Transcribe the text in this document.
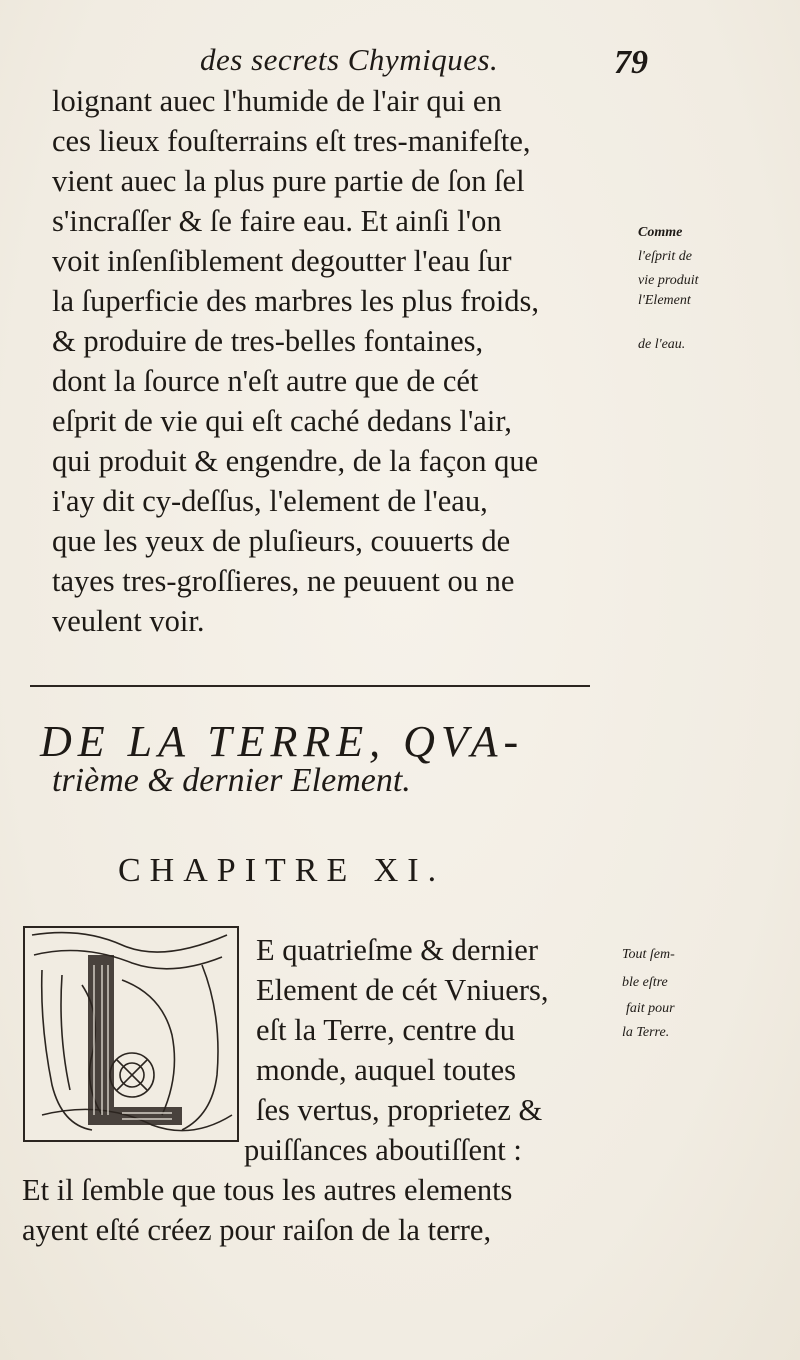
des secrets Chymiques.	79
loignant auec l'humide de l'air qui en
ces lieux fouſterrains eſt tres-manifeſte,
vient auec la plus pure partie de ſon ſel
s'incraſſer & ſe faire eau. Et ainſi l'on
voit inſenſiblement degoutter l'eau ſur
la ſuperficie des marbres les plus froids,
& produire de tres-belles fontaines,
dont la ſource n'eſt autre que de cét
eſprit de vie qui eſt caché dedans l'air,
qui produit & engendre, de la façon que
i'ay dit cy-deſſus, l'element de l'eau,
que les yeux de pluſieurs, couuerts de
tayes tres-groſſieres, ne peuuent ou ne
veulent voir.
Comme
l'eſprit de
vie produit
l'Element
de l'eau.
DE LA TERRE, QVA-
trième & dernier Element.
CHAPITRE XI.
E quatrieſme & dernier
Element de cét Vniuers,
eſt la Terre, centre du
monde, auquel toutes
ſes vertus, proprietez &
puiſſances aboutiſſent :
Et il ſemble que tous les autres elements
ayent eſté créez pour raiſon de la terre,
Tout ſem-
ble eſtre
fait pour
la Terre.
